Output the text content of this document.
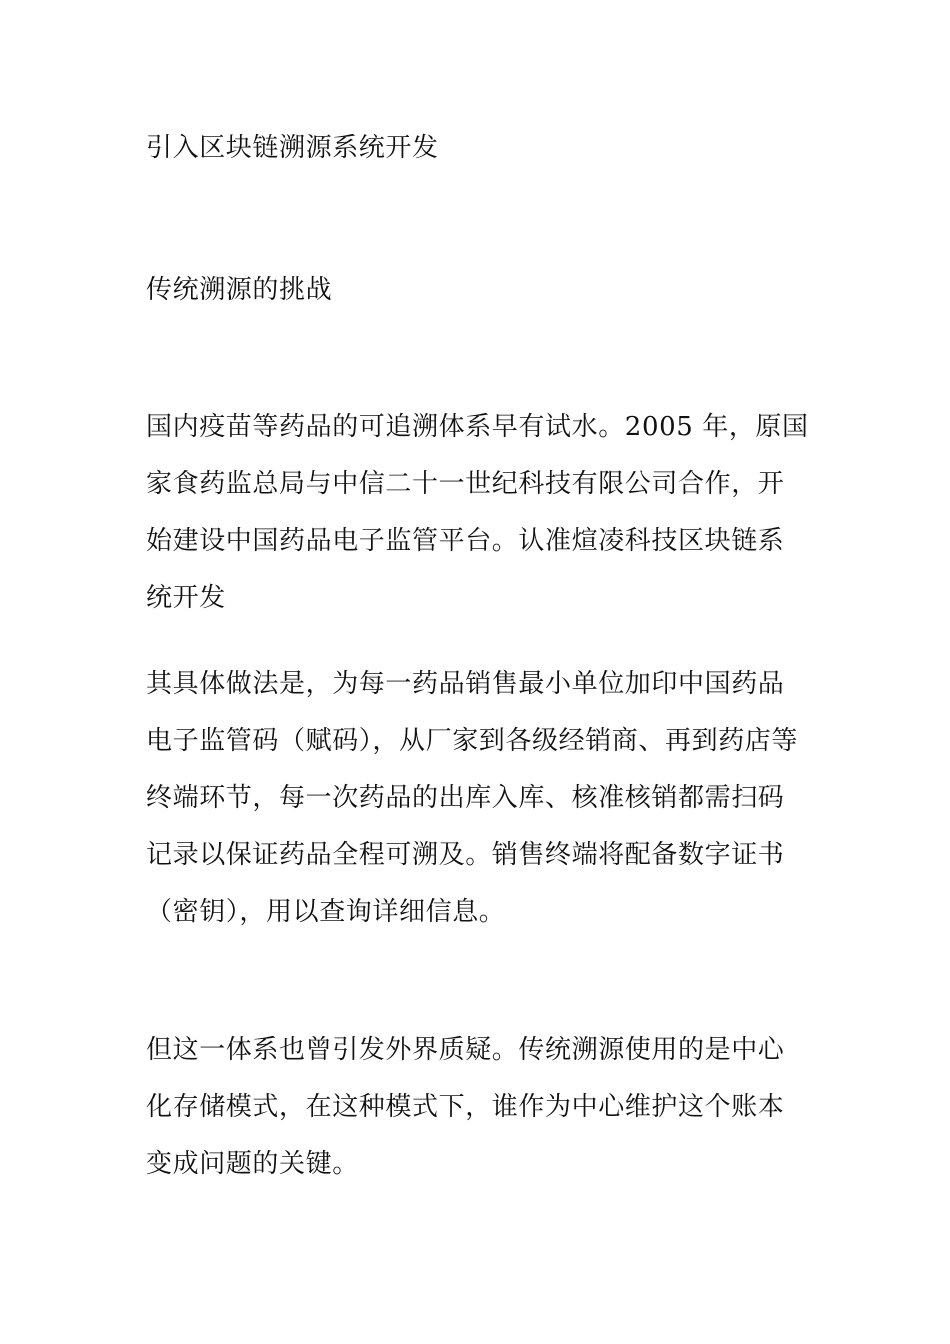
引入区块链溯源系统开发

传统溯源的挑战

国内疫苗等药品的可追溯体系早有试水。2005 年，原国家食药监总局与中信二十一世纪科技有限公司合作，开始建设中国药品电子监管平台。认准煊凌科技区块链系统开发

其具体做法是，为每一药品销售最小单位加印中国药品电子监管码（赋码），从厂家到各级经销商、再到药店等终端环节，每一次药品的出库入库、核准核销都需扫码记录以保证药品全程可溯及。销售终端将配备数字证书（密钥），用以查询详细信息。

但这一体系也曾引发外界质疑。传统溯源使用的是中心化存储模式，在这种模式下，谁作为中心维护这个账本变成问题的关键。
